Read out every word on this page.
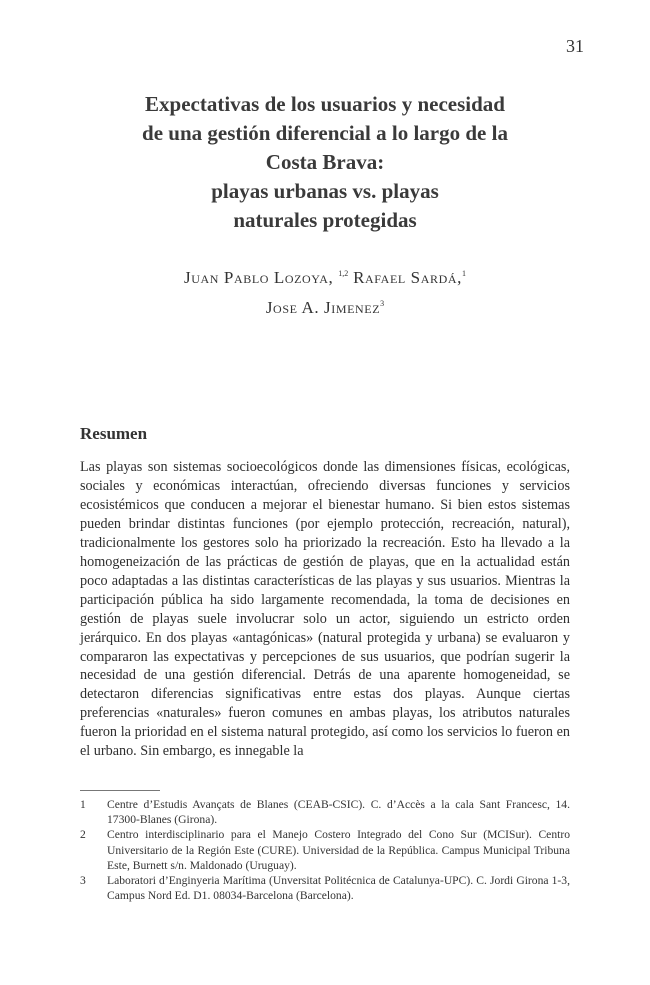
31
Expectativas de los usuarios y necesidad
de una gestión diferencial a lo largo de la
Costa Brava:
playas urbanas vs. playas
naturales protegidas
Juan Pablo Lozoya, $^{1,2}$ Rafael Sardá,$^1$
Jose A. Jimenez$^3$
Resumen

Las playas son sistemas socioecológicos donde las dimensiones físicas, ecológicas, sociales y económicas interactúan, ofreciendo diversas funciones y servicios ecosistémicos que conducen a mejorar el bienestar humano. Si bien estos sistemas pueden brindar distintas funciones (por ejemplo protección, recreación, natural), tradicionalmente los gestores solo ha priorizado la recreación. Esto ha llevado a la homogeneización de las prácticas de gestión de playas, que en la actualidad están poco adaptadas a las distintas características de las playas y sus usuarios. Mientras la participación pública ha sido largamente recomendada, la toma de decisiones en gestión de playas suele involucrar solo un actor, siguiendo un estricto orden jerárquico. En dos playas «antagónicas» (natural protegida y urbana) se evaluaron y compararon las expectativas y percepciones de sus usuarios, que podrían sugerir la necesidad de una gestión diferencial. Detrás de una aparente homogeneidad, se detectaron diferencias significativas entre estas dos playas. Aunque ciertas preferencias «naturales» fueron comunes en ambas playas, los atributos naturales fueron la prioridad en el sistema natural protegido, así como los servicios lo fueron en el urbano. Sin embargo, es innegable la

1	Centre d’Estudis Avançats de Blanes (CEAB-CSIC). C. d’Accès a la cala Sant Francesc, 14. 17300-Blanes (Girona).
2	Centro interdisciplinario para el Manejo Costero Integrado del Cono Sur (MCISur). Centro Universitario de la Región Este (CURE). Universidad de la República. Campus Municipal Tribuna Este, Burnett s/n. Maldonado (Uruguay).
3	Laboratori d’Enginyeria Marítima (Unversitat Politécnica de Catalunya-UPC). C. Jordi Girona 1-3, Campus Nord Ed. D1. 08034-Barcelona (Barcelona).
